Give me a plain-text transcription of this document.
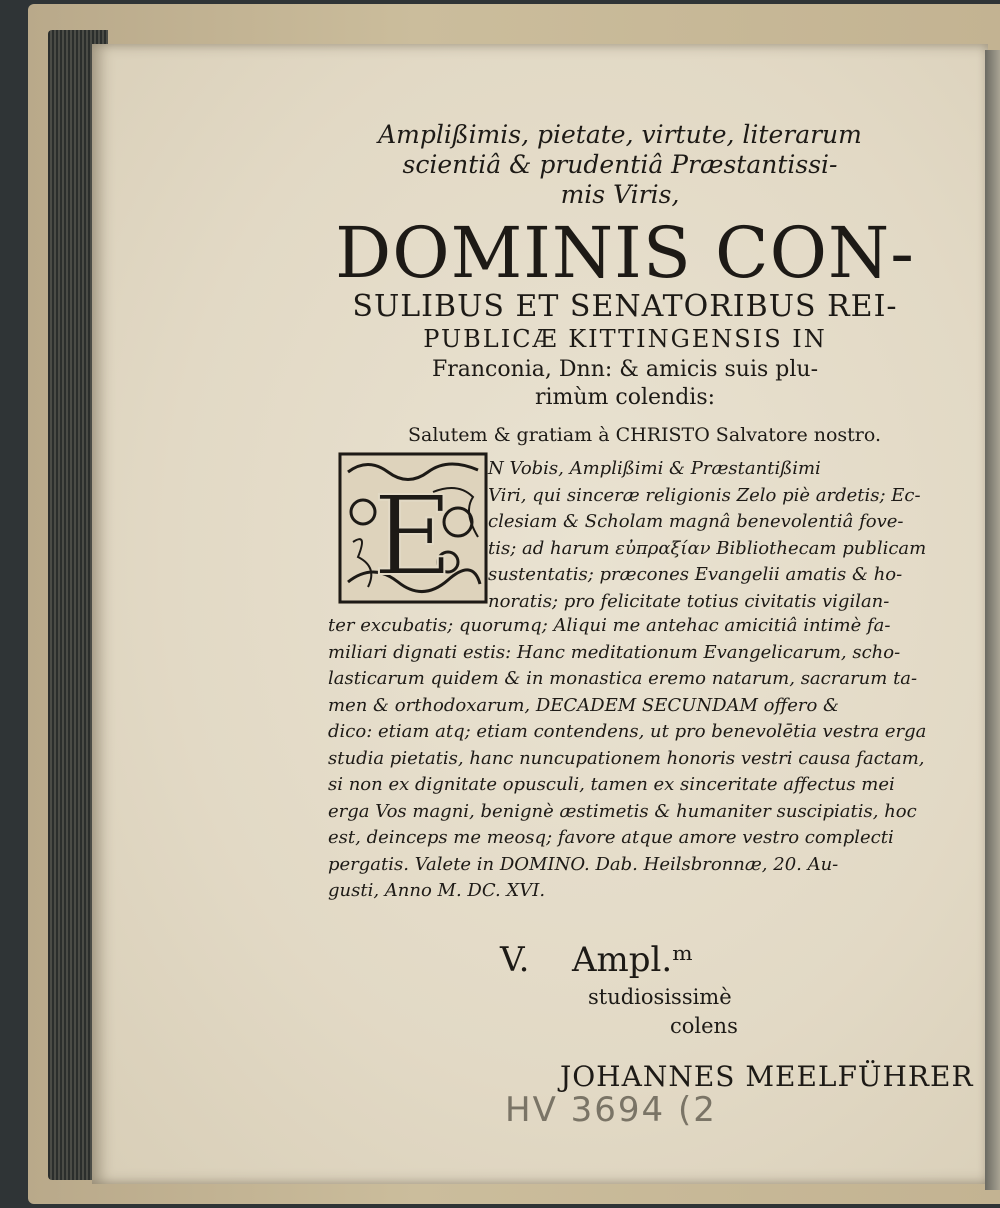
Amplißimis, pietate, virtute, literarum
scientiâ & prudentiâ Præstantissi-
mis Viris,
DOMINIS CON-
SULIBUS ET SENATORIBUS REI-
PUBLICÆ KITTINGENSIS IN
Franconia, Dnn: & amicis suis plu-
rimùm colendis:
Salutem & gratiam à CHRISTO Salvatore nostro.
E
N Vobis, Amplißimi & Præstantißimi
Viri, qui sinceræ religionis Zelo piè ardetis; Ec-
clesiam & Scholam magnâ benevolentiâ fove-
tis; ad harum εὐπραξίαν Bibliothecam publicam
sustentatis; præcones Evangelii amatis & ho-
noratis; pro felicitate totius civitatis vigilan-
ter excubatis; quorumq; Aliqui me antehac amicitiâ intimè fa-
miliari dignati estis: Hanc meditationum Evangelicarum, scho-
lasticarum quidem & in monastica eremo natarum, sacrarum ta-
men & orthodoxarum, DECADEM SECUNDAM offero &
dico: etiam atq; etiam contendens, ut pro benevolētia vestra erga
studia pietatis, hanc nuncupationem honoris vestri causa factam,
si non ex dignitate opusculi, tamen ex sinceritate affectus mei
erga Vos magni, benignè æstimetis & humaniter suscipiatis, hoc
est, deinceps me meosq; favore atque amore vestro complecti
pergatis. Valete in DOMINO. Dab. Heilsbronnæ, 20. Au-
gusti, Anno M. DC. XVI.
V. Ampl.ᵐ
studiosissimè
colens
JOHANNES MEELFÜHRER
HV 3694 (2
